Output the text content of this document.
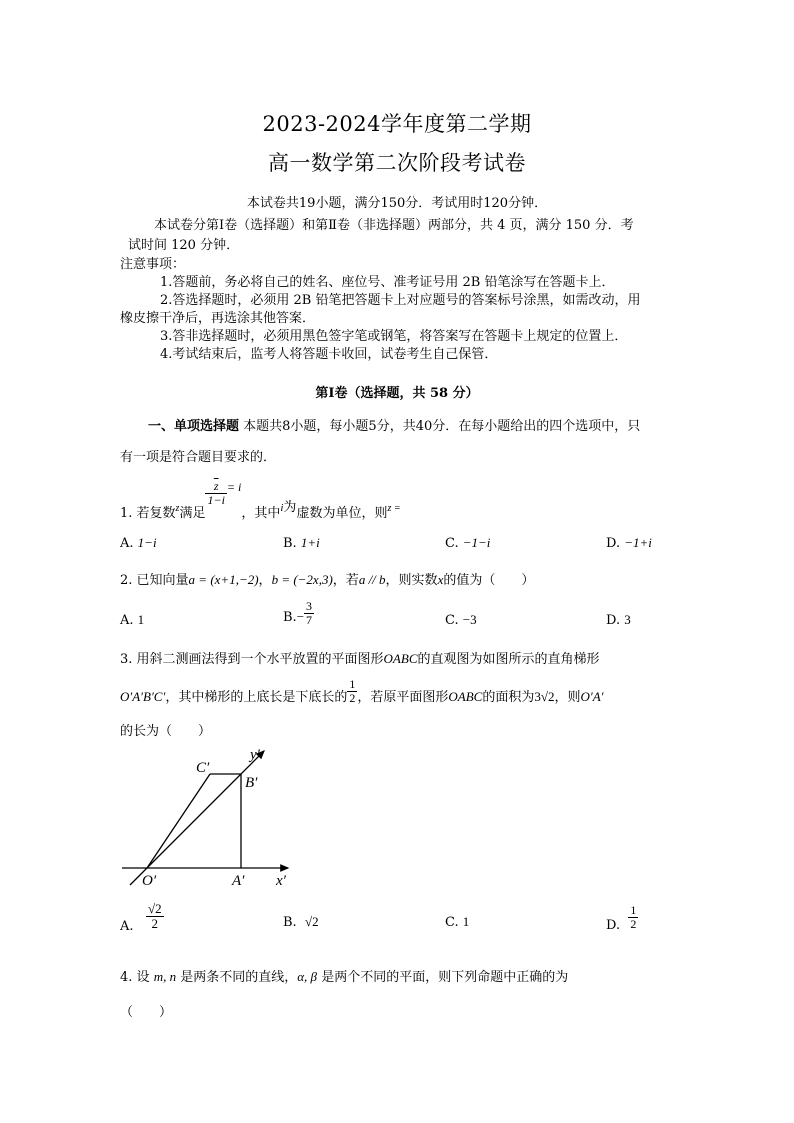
2023-2024学年度第二学期
高一数学第二次阶段考试卷
本试卷共19小题，满分150分．考试用时120分钟．
本试卷分第Ⅰ卷（选择题）和第Ⅱ卷（非选择题）两部分，共 4 页，满分 150 分．考
试时间 120 分钟．
注意事项：
1.答题前，务必将自己的姓名、座位号、准考证号用 2B 铅笔涂写在答题卡上．
2.答选择题时，必须用 2B 铅笔把答题卡上对应题号的答案标号涂黑，如需改动，用
橡皮擦干净后，再选涂其他答案．
3.答非选择题时，必须用黑色签字笔或钢笔，将答案写在答题卡上规定的位置上．
4.考试结束后，监考人将答题卡收回，试卷考生自己保管．
第Ⅰ卷（选择题，共 58 分）
一、单项选择题 本题共8小题，每小题5分，共40分．在每小题给出的四个选项中，只
有一项是符合题目要求的．
1. 若复数$_z$满足
$\frac{\overline{z}}{1-i} = i$，其中$_i$为虚数为单位，则$_{z =}$
A. 1−i	B. 1+i	C. −1−i	D. −1+i
2. 已知向量a = (x+1,−2)，b = (−2x,3)，若a // b，则实数x的值为（　　）
A. 1	$B.- \frac{3}{7}$	C. −3	D. 3
3. 用斜二测画法得到一个水平放置的平面图形OABC的直观图为如图所示的直角梯形
O′A′B′C′，其中梯形的上底长是下底长的 $\frac{1}{2}$ ，若原平面图形OABC的面积为3√2，则O′A′
的长为（　　）
C′
B′
O′	A′ x′
y′
A. $\frac{√2}{2}$	B. √2	C. 1	D. $\frac{1}{2}$
4. 设 m, n 是两条不同的直线，α, β 是两个不同的平面，则下列命题中正确的为
（　　）
